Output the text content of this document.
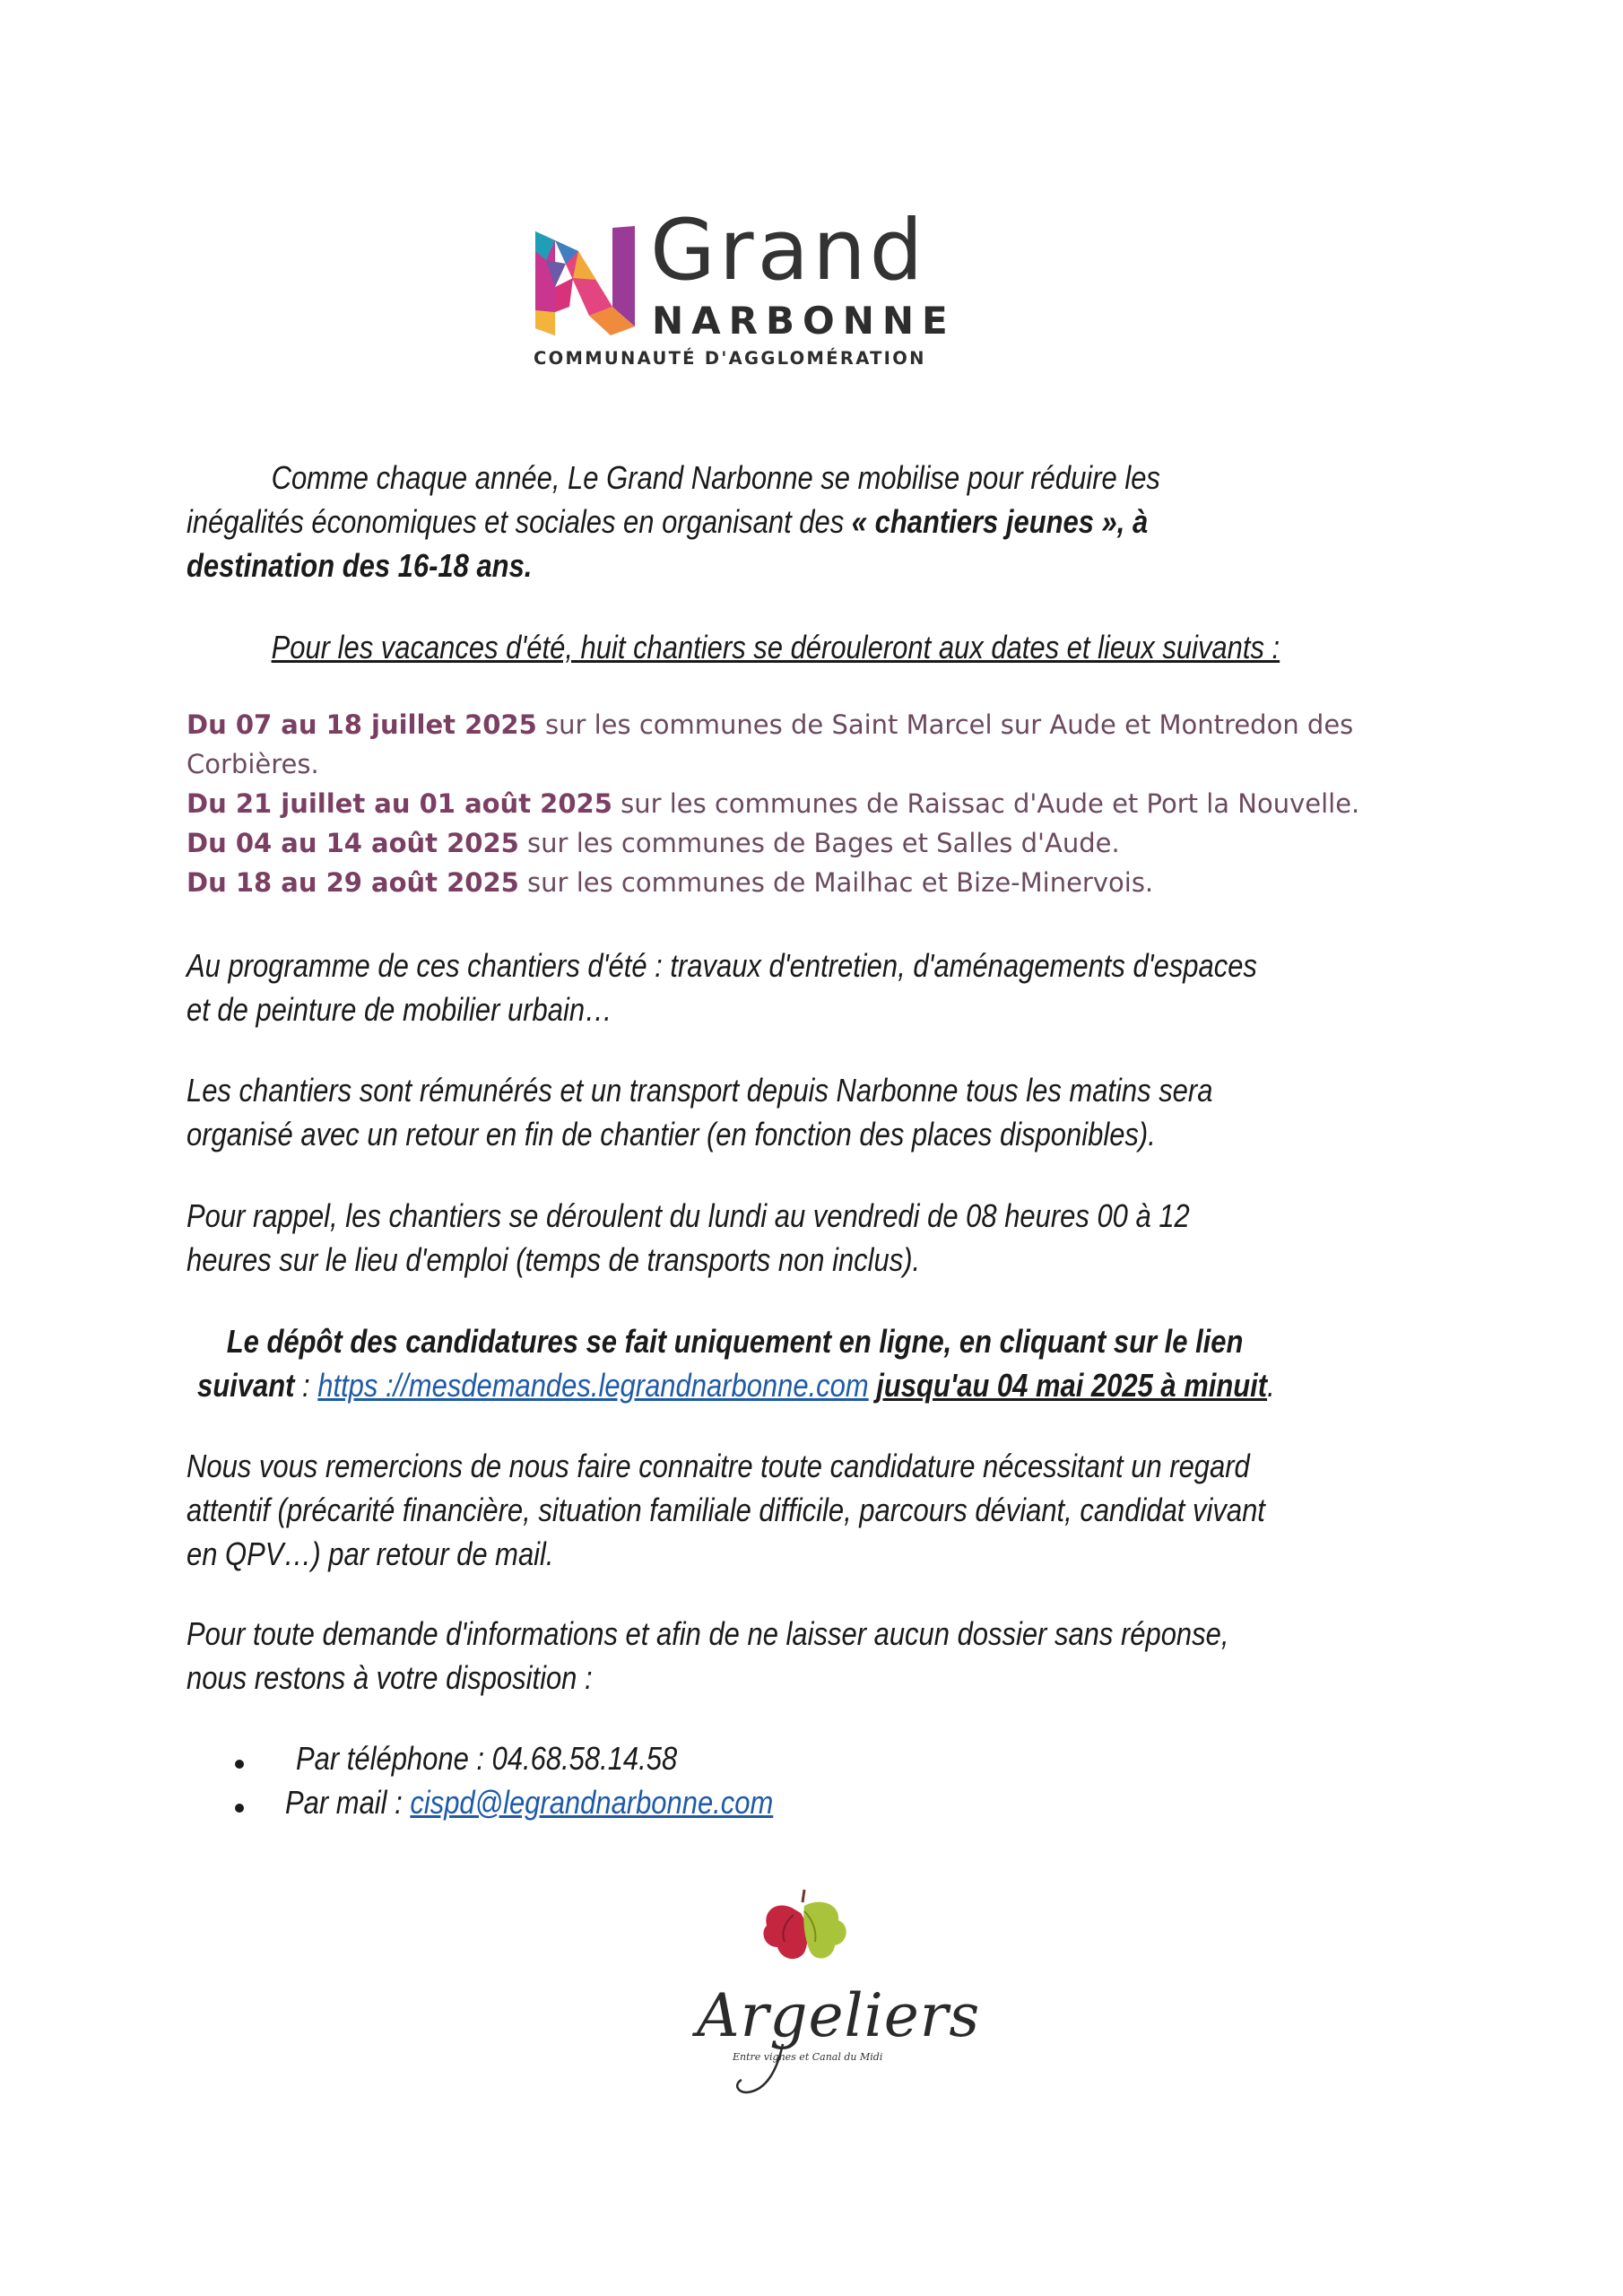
Grand
NARBONNE
COMMUNAUTÉ D'AGGLOMÉRATION
Comme chaque année, Le Grand Narbonne se mobilise pour réduire les inégalités économiques et sociales en organisant des « chantiers jeunes », à destination des 16-18 ans.
Pour les vacances d'été, huit chantiers se dérouleront aux dates et lieux suivants :
Du 07 au 18 juillet 2025 sur les communes de Saint Marcel sur Aude et Montredon des Corbières.
Du 21 juillet au 01 août 2025 sur les communes de Raissac d'Aude et Port la Nouvelle.
Du 04 au 14 août 2025 sur les communes de Bages et Salles d'Aude.
Du 18 au 29 août 2025 sur les communes de Mailhac et Bize-Minervois.
Au programme de ces chantiers d'été : travaux d'entretien, d'aménagements d'espaces et de peinture de mobilier urbain…
Les chantiers sont rémunérés et un transport depuis Narbonne tous les matins sera organisé avec un retour en fin de chantier (en fonction des places disponibles).
Pour rappel, les chantiers se déroulent du lundi au vendredi de 08 heures 00 à 12 heures sur le lieu d'emploi (temps de transports non inclus).
Le dépôt des candidatures se fait uniquement en ligne, en cliquant sur le lien
suivant : https ://mesdemandes.legrandnarbonne.com jusqu'au 04 mai 2025 à minuit.
Nous vous remercions de nous faire connaitre toute candidature nécessitant un regard attentif (précarité financière, situation familiale difficile, parcours déviant, candidat vivant en QPV…) par retour de mail.
Pour toute demande d'informations et afin de ne laisser aucun dossier sans réponse, nous restons à votre disposition :
Par téléphone : 04.68.58.14.58
Par mail : cispd@legrandnarbonne.com
Argeliers
Entre vignes et Canal du Midi
